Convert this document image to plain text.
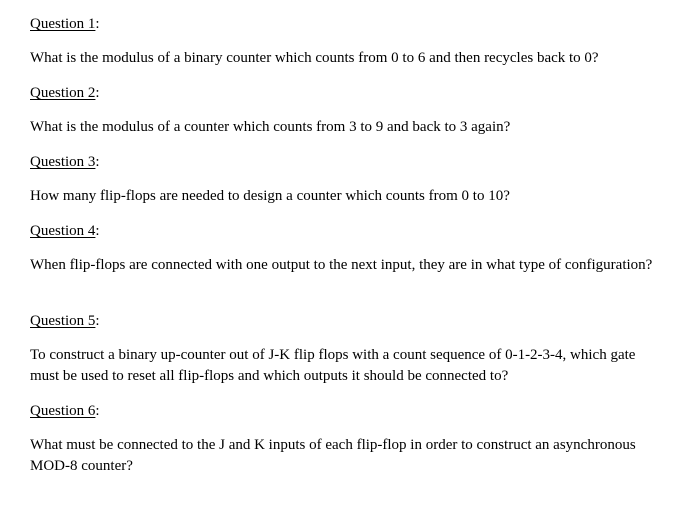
Question 1:
What is the modulus of a binary counter which counts from 0 to 6 and then recycles back to 0?
Question 2:
What is the modulus of a counter which counts from 3 to 9 and back to 3 again?
Question 3:
How many flip-flops are needed to design a counter which counts from 0 to 10?
Question 4:
When flip-flops are connected with one output to the next input, they are in what type of configuration?
Question 5:
To construct a binary up-counter out of J-K flip flops with a count sequence of 0-1-2-3-4, which gate must be used to reset all flip-flops and which outputs it should be connected to?
Question 6:
What must be connected to the J and K inputs of each flip-flop in order to construct an asynchronous MOD-8 counter?
